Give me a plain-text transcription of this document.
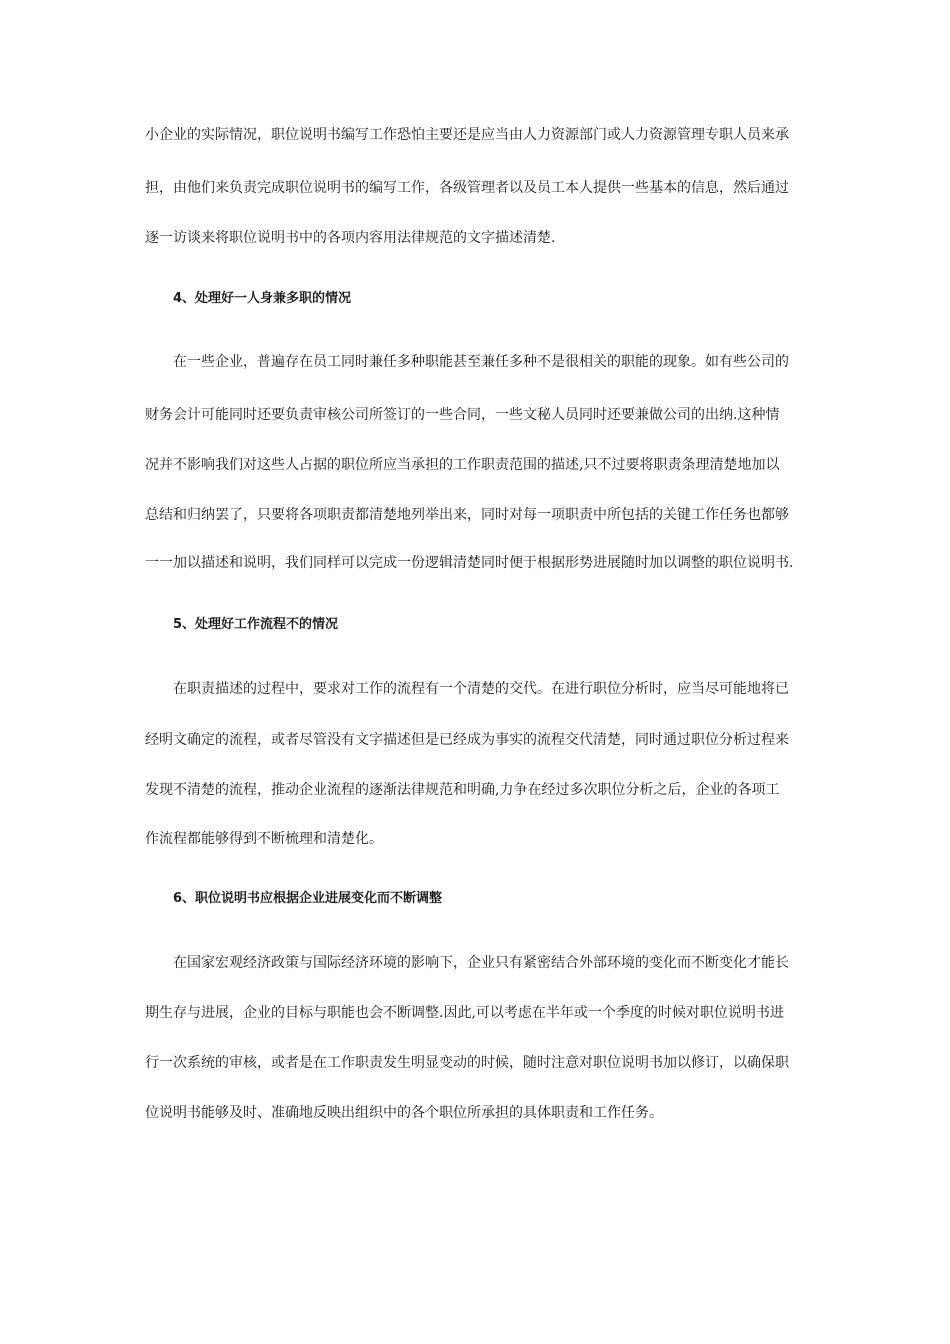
小企业的实际情况，职位说明书编写工作恐怕主要还是应当由人力资源部门或人力资源管理专职人员来承
担，由他们来负责完成职位说明书的编写工作，各级管理者以及员工本人提供一些基本的信息，然后通过
逐一访谈来将职位说明书中的各项内容用法律规范的文字描述清楚.
4、处理好一人身兼多职的情况
在一些企业，普遍存在员工同时兼任多种职能甚至兼任多种不是很相关的职能的现象。如有些公司的
财务会计可能同时还要负责审核公司所签订的一些合同，一些文秘人员同时还要兼做公司的出纳.这种情
况并不影响我们对这些人占据的职位所应当承担的工作职责范围的描述,只不过要将职责条理清楚地加以
总结和归纳罢了，只要将各项职责都清楚地列举出来，同时对每一项职责中所包括的关键工作任务也都够
一一加以描述和说明，我们同样可以完成一份逻辑清楚同时便于根据形势进展随时加以调整的职位说明书.
5、处理好工作流程不的情况
在职责描述的过程中，要求对工作的流程有一个清楚的交代。在进行职位分析时，应当尽可能地将已
经明文确定的流程，或者尽管没有文字描述但是已经成为事实的流程交代清楚，同时通过职位分析过程来
发现不清楚的流程，推动企业流程的逐渐法律规范和明确,力争在经过多次职位分析之后，企业的各项工
作流程都能够得到不断梳理和清楚化。
6、职位说明书应根据企业进展变化而不断调整
在国家宏观经济政策与国际经济环境的影响下，企业只有紧密结合外部环境的变化而不断变化才能长
期生存与进展，企业的目标与职能也会不断调整.因此,可以考虑在半年或一个季度的时候对职位说明书进
行一次系统的审核，或者是在工作职责发生明显变动的时候，随时注意对职位说明书加以修订，以确保职
位说明书能够及时、准确地反映出组织中的各个职位所承担的具体职责和工作任务。
